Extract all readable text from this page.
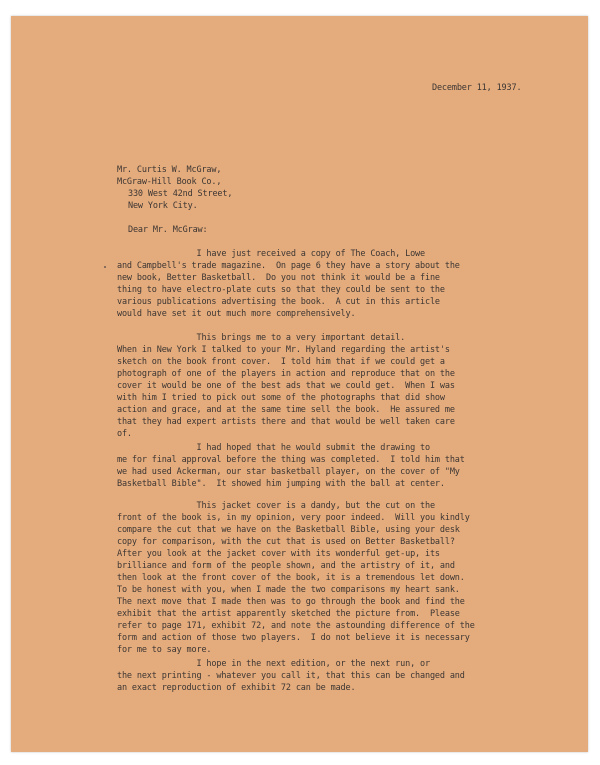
December 11, 1937.
Mr. Curtis W. McGraw,
McGraw-Hill Book Co.,
330 West 42nd Street,
New York City.
Dear Mr. McGraw:
I have just received a copy of The Coach, Lowe
and Campbell's trade magazine.  On page 6 they have a story about the
new book, Better Basketball.  Do you not think it would be a fine
thing to have electro-plate cuts so that they could be sent to the
various publications advertising the book.  A cut in this article
would have set it out much more comprehensively.
This brings me to a very important detail.
When in New York I talked to your Mr. Hyland regarding the artist's
sketch on the book front cover.  I told him that if we could get a
photograph of one of the players in action and reproduce that on the
cover it would be one of the best ads that we could get.  When I was
with him I tried to pick out some of the photographs that did show
action and grace, and at the same time sell the book.  He assured me
that they had expert artists there and that would be well taken care
of.
I had hoped that he would submit the drawing to
me for final approval before the thing was completed.  I told him that
we had used Ackerman, our star basketball player, on the cover of "My
Basketball Bible".  It showed him jumping with the ball at center.
This jacket cover is a dandy, but the cut on the
front of the book is, in my opinion, very poor indeed.  Will you kindly
compare the cut that we have on the Basketball Bible, using your desk
copy for comparison, with the cut that is used on Better Basketball?
After you look at the jacket cover with its wonderful get-up, its
brilliance and form of the people shown, and the artistry of it, and
then look at the front cover of the book, it is a tremendous let down.
To be honest with you, when I made the two comparisons my heart sank.
The next move that I made then was to go through the book and find the
exhibit that the artist apparently sketched the picture from.  Please
refer to page 171, exhibit 72, and note the astounding difference of the
form and action of those two players.  I do not believe it is necessary
for me to say more.
I hope in the next edition, or the next run, or
the next printing - whatever you call it, that this can be changed and
an exact reproduction of exhibit 72 can be made.
